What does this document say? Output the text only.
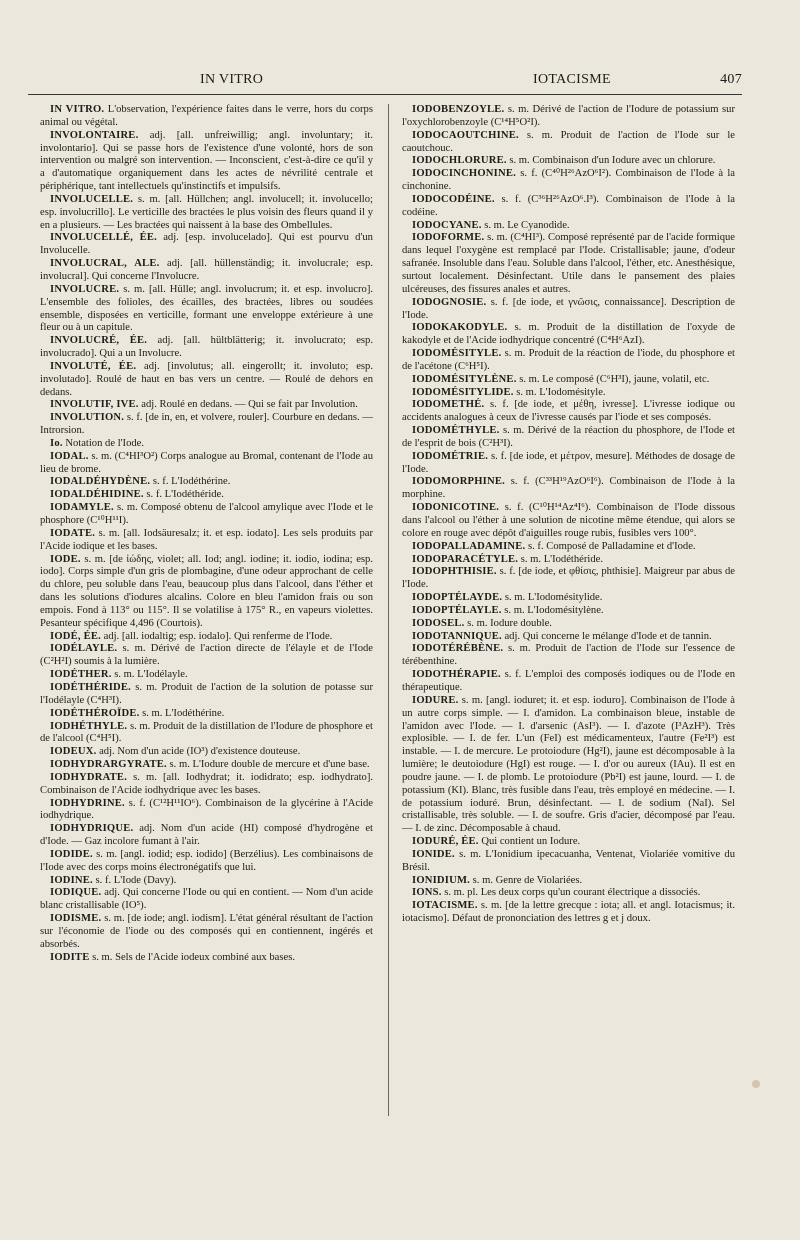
IN VITRO	IOTACISME	407

IN VITRO. L'observation, l'expérience faites dans le verre, hors du corps animal ou végétal.

INVOLONTAIRE. adj. [all. unfreiwillig; angl. involuntary; it. involontario]. Qui se passe hors de l'existence d'une volonté, hors de son intervention ou malgré son intervention. — Inconscient, c'est-à-dire ce qu'il y a d'automatique organiquement dans les actes de névrilité centrale et périphérique, tant intellectuels qu'instinctifs et impulsifs.

INVOLUCELLE. s. m. [all. Hüllchen; angl. involucell; it. involucello; esp. involucrillo]. Le verticille des bractées le plus voisin des fleurs quand il y en a plusieurs. — Les bractées qui naissent à la base des Ombellules.

INVOLUCELLÉ, ÉE. adj. [esp. involucelado]. Qui est pourvu d'un Involucelle.

INVOLUCRAL, ALE. adj. [all. hüllenständig; it. involucrale; esp. involucral]. Qui concerne l'Involucre.

INVOLUCRE. s. m. [all. Hülle; angl. involucrum; it. et esp. involucro]. L'ensemble des folioles, des écailles, des bractées, libres ou soudées ensemble, disposées en verticille, formant une enveloppe extérieure à une fleur ou à un capitule.

INVOLUCRÉ, ÉE. adj. [all. hültblätterig; it. involucrato; esp. involucrado]. Qui a un Involucre.

INVOLUTÉ, ÉE. adj. [involutus; all. eingerollt; it. involuto; esp. involutado]. Roulé de haut en bas vers un centre. — Roulé de dehors en dedans.

INVOLUTIF, IVE. adj. Roulé en dedans. — Qui se fait par Involution.

INVOLUTION. s. f. [de in, en, et volvere, rouler]. Courbure en dedans. — Introrsion.

Io. Notation de l'Iode.

IODAL. s. m. (C⁴HI³O²) Corps analogue au Bromal, contenant de l'Iode au lieu de brome.

IODALDÉHYDÈNE. s. f. L'Iodéthérine.

IODALDÉHIDINE. s. f. L'Iodéthéride.

IODAMYLE. s. m. Composé obtenu de l'alcool amylique avec l'Iode et le phosphore (C¹⁰H¹¹I).

IODATE. s. m. [all. Iodsäuresalz; it. et esp. iodato]. Les sels produits par l'Acide iodique et les bases.

IODE. s. m. [de ἰώδης, violet; all. Iod; angl. iodine; it. iodio, iodina; esp. iodo]. Corps simple d'un gris de plombagine, d'une odeur approchant de celle du chlore, peu soluble dans l'eau, beaucoup plus dans l'alcool, dans l'éther et dans les solutions d'iodures alcalins. Colore en bleu l'amidon frais ou son empois. Fond à 113° ou 115°. Il se volatilise à 175° R., en vapeurs violettes. Pesanteur spécifique 4,496 (Courtois).

IODÉ, ÉE. adj. [all. iodaltig; esp. iodalo]. Qui renferme de l'Iode.

IODÉLAYLE. s. m. Dérivé de l'action directe de l'élayle et de l'Iode (C²H²I) soumis à la lumière.

IODÉTHER. s. m. L'Iodélayle.

IODÉTHÉRIDE. s. m. Produit de l'action de la solution de potasse sur l'Iodélayle (C⁴H³I).

IODÉTHÉROÏDE. s. m. L'Iodéthérine.

IODHÉTHYLE. s. m. Produit de la distillation de l'Iodure de phosphore et de l'alcool (C⁴H⁵I).

IODEUX. adj. Nom d'un acide (IO³) d'existence douteuse.

IODHYDRARGYRATE. s. m. L'Iodure double de mercure et d'une base.

IODHYDRATE. s. m. [all. Iodhydrat; it. iodidrato; esp. iodhydrato]. Combinaison de l'Acide iodhydrique avec les bases.

IODHYDRINE. s. f. (C¹²H¹¹IO⁶). Combinaison de la glycérine à l'Acide iodhydrique.

IODHYDRIQUE. adj. Nom d'un acide (HI) composé d'hydrogène et d'Iode. — Gaz incolore fumant à l'air.

IODIDE. s. m. [angl. iodid; esp. iodido] (Berzélius). Les combinaisons de l'Iode avec des corps moins électronégatifs que lui.

IODINE. s. f. L'Iode (Davy).

IODIQUE. adj. Qui concerne l'Iode ou qui en contient. — Nom d'un acide blanc cristallisable (IO⁵).

IODISME. s. m. [de iode; angl. iodism]. L'état général résultant de l'action sur l'économie de l'iode ou des composés qui en contiennent, ingérés et absorbés.

IODITE s. m. Sels de l'Acide iodeux combiné aux bases.

IODOBENZOYLE. s. m. Dérivé de l'action de l'Iodure de potassium sur l'oxychlorobenzoyle (C¹⁴H⁵O²I).

IODOCAOUTCHINE. s. m. Produit de l'action de l'Iode sur le caoutchouc.

IODOCHLORURE. s. m. Combinaison d'un Iodure avec un chlorure.

IODOCINCHONINE. s. f. (C⁴⁰H²⁶AzO⁶I²). Combinaison de l'Iode à la cinchonine.

IODOCODÉINE. s. f. (C³⁶H²⁶AzO⁶.I³). Combinaison de l'Iode à la codéine.

IODOCYANE. s. m. Le Cyanodide.

IODOFORME. s. m. (C⁴HI³). Composé représenté par de l'acide formique dans lequel l'oxygène est remplacé par l'Iode. Cristallisable; jaune, d'odeur safranée. Insoluble dans l'eau. Soluble dans l'alcool, l'éther, etc. Anesthésique, surtout localement. Désinfectant. Utile dans le pansement des plaies ulcéreuses, des fissures anales et autres.

IODOGNOSIE. s. f. [de iode, et γνῶσις, connaissance]. Description de l'Iode.

IODOKAKODYLE. s. m. Produit de la distillation de l'oxyde de kakodyle et de l'Acide iodhydrique concentré (C⁴H⁶AzI).

IODOMÉSITYLE. s. m. Produit de la réaction de l'iode, du phosphore et de l'acétone (C⁶H⁵I).

IODOMÉSITYLÈNE. s. m. Le composé (C⁶H³I), jaune, volatil, etc.

IODOMÉSITYLIDE. s. m. L'Iodomésityle.

IODOMETHÉ. s. f. [de iode, et μέθη, ivresse]. L'ivresse iodique ou accidents analogues à ceux de l'ivresse causés par l'iode et ses composés.

IODOMÉTHYLE. s. m. Dérivé de la réaction du phosphore, de l'Iode et de l'esprit de bois (C²H³I).

IODOMÉTRIE. s. f. [de iode, et μέτρον, mesure]. Méthodes de dosage de l'Iode.

IODOMORPHINE. s. f. (C³³H¹⁹AzO⁶I⁶). Combinaison de l'Iode à la morphine.

IODONICOTINE. s. f. (C¹⁰H¹⁴Az⁴I⁶). Combinaison de l'Iode dissous dans l'alcool ou l'éther à une solution de nicotine même étendue, qui alors se colore en rouge avec dépôt d'aiguilles rouge rubis, fusibles vers 100°.

IODOPALLADAMINE. s. f. Composé de Palladamine et d'Iode.

IODOPARACÉTYLE. s. m. L'Iodéthéride.

IODOPHTHISIE. s. f. [de iode, et φθίσις, phthisie]. Maigreur par abus de l'Iode.

IODOPTÉLAYDE. s. m. L'Iodomésitylide.

IODOPTÉLAYLE. s. m. L'Iodomésitylène.

IODOSEL. s. m. Iodure double.

IODOTANNIQUE. adj. Qui concerne le mélange d'Iode et de tannin.

IODOTÉRÉBÈNE. s. m. Produit de l'action de l'Iode sur l'essence de térébenthine.

IODOTHÉRAPIE. s. f. L'emploi des composés iodiques ou de l'Iode en thérapeutique.

IODURE. s. m. [angl. ioduret; it. et esp. ioduro]. Combinaison de l'Iode à un autre corps simple. — I. d'amidon. La combinaison bleue, instable de l'amidon avec l'Iode. — I. d'arsenic (AsI³). — I. d'azote (I³AzH³). Très explosible. — I. de fer. L'un (FeI) est médicamenteux, l'autre (Fe²I³) est instable. — I. de mercure. Le protoiodure (Hg²I), jaune est décomposable à la lumière; le deutoiodure (HgI) est rouge. — I. d'or ou aureux (IAu). Il est en poudre jaune. — I. de plomb. Le protoiodure (Pb²I) est jaune, lourd. — I. de potassium (KI). Blanc, très fusible dans l'eau, très employé en médecine. — I. de potassium ioduré. Brun, désinfectant. — I. de sodium (NaI). Sel cristallisable, très soluble. — I. de soufre. Gris d'acier, décomposé par l'eau. — I. de zinc. Décomposable à chaud.

IODURÉ, ÉE. Qui contient un Iodure.

IONIDE. s. m. L'Ionidium ipecacuanha, Ventenat, Violariée vomitive du Brésil.

IONIDIUM. s. m. Genre de Violariées.

IONS. s. m. pl. Les deux corps qu'un courant électrique a dissociés.

IOTACISME. s. m. [de la lettre grecque : iota; all. et angl. Iotacismus; it. iotacismo]. Défaut de prononciation des lettres g et j doux.
